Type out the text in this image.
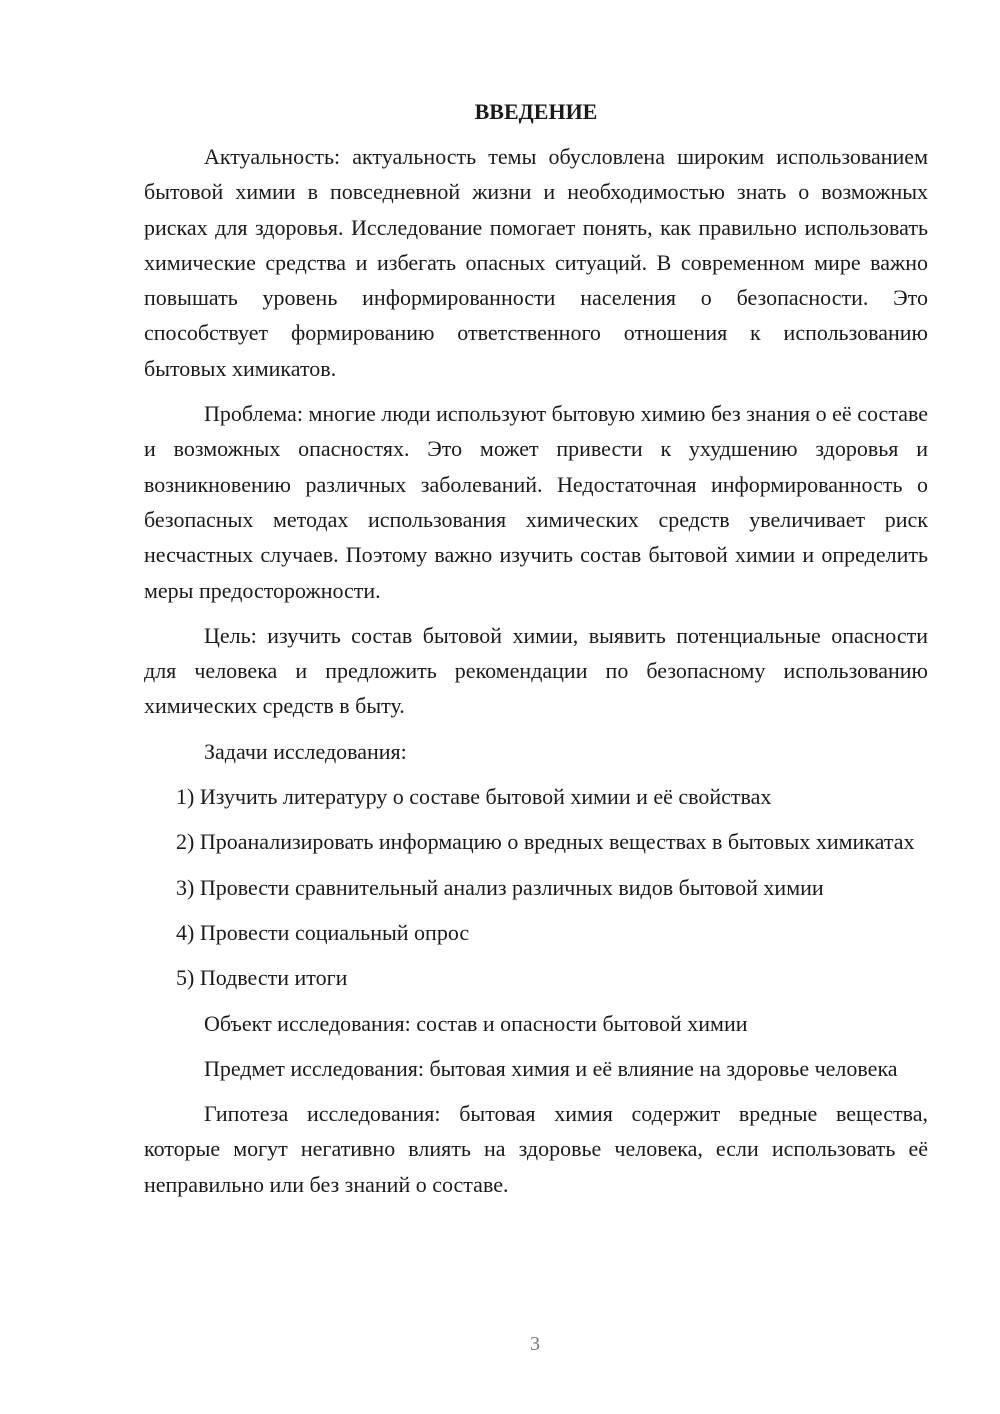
ВВЕДЕНИЕ

Актуальность: актуальность темы обусловлена широким использованием бытовой химии в повседневной жизни и необходимостью знать о возможных рисках для здоровья. Исследование помогает понять, как правильно использовать химические средства и избегать опасных ситуаций. В современном мире важно повышать уровень информированности населения о безопасности. Это способствует формированию ответственного отношения к использованию бытовых химикатов.

Проблема: многие люди используют бытовую химию без знания о её составе и возможных опасностях. Это может привести к ухудшению здоровья и возникновению различных заболеваний. Недостаточная информированность о безопасных методах использования химических средств увеличивает риск несчастных случаев. Поэтому важно изучить состав бытовой химии и определить меры предосторожности.

Цель: изучить состав бытовой химии, выявить потенциальные опасности для человека и предложить рекомендации по безопасному использованию химических средств в быту.

Задачи исследования:

1) Изучить литературу о составе бытовой химии и её свойствах

2) Проанализировать информацию о вредных веществах в бытовых химикатах

3) Провести сравнительный анализ различных видов бытовой химии

4) Провести социальный опрос

5) Подвести итоги

Объект исследования: состав и опасности бытовой химии

Предмет исследования: бытовая химия и её влияние на здоровье человека

Гипотеза исследования: бытовая химия содержит вредные вещества, которые могут негативно влиять на здоровье человека, если использовать её неправильно или без знаний о составе.

3
